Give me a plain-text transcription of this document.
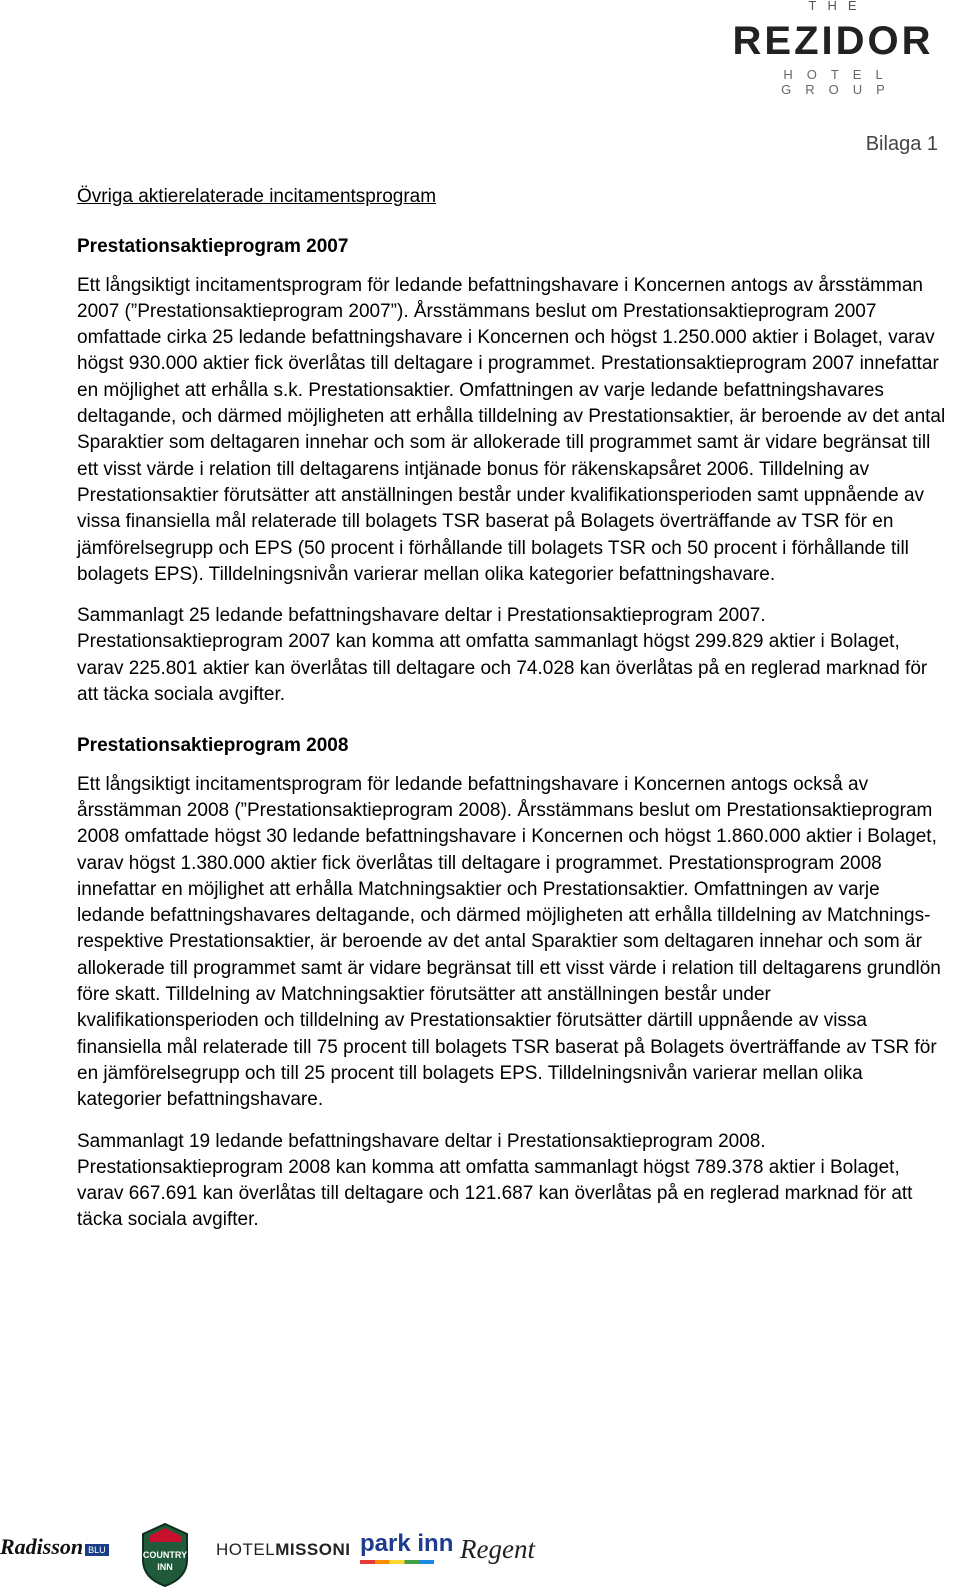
THE
REZIDOR
HOTEL GROUP
Bilaga 1

Övriga aktierelaterade incitamentsprogram

Prestationsaktieprogram 2007

Ett långsiktigt incitamentsprogram för ledande befattningshavare i Koncernen antogs av årsstämman 2007 (”Prestationsaktieprogram 2007”). Årsstämmans beslut om Prestationsaktieprogram 2007 omfattade cirka 25 ledande befattningshavare i Koncernen och högst 1.250.000 aktier i Bolaget, varav högst 930.000 aktier fick överlåtas till deltagare i programmet. Prestationsaktieprogram 2007 innefattar en möjlighet att erhålla s.k. Prestationsaktier. Omfattningen av varje ledande befattningshavares deltagande, och därmed möjligheten att erhålla tilldelning av Prestationsaktier, är beroende av det antal Sparaktier som deltagaren innehar och som är allokerade till programmet samt är vidare begränsat till ett visst värde i relation till deltagarens intjänade bonus för räkenskapsåret 2006. Tilldelning av Prestationsaktier förutsätter att anställningen består under kvalifikationsperioden samt uppnående av vissa finansiella mål relaterade till bolagets TSR baserat på Bolagets överträffande av TSR för en jämförelsegrupp och EPS (50 procent i förhållande till bolagets TSR och 50 procent i förhållande till bolagets EPS). Tilldelningsnivån varierar mellan olika kategorier befattningshavare.

Sammanlagt 25 ledande befattningshavare deltar i Prestationsaktieprogram 2007. Prestationsaktieprogram 2007 kan komma att omfatta sammanlagt högst 299.829 aktier i Bolaget, varav 225.801 aktier kan överlåtas till deltagare och 74.028 kan överlåtas på en reglerad marknad för att täcka sociala avgifter.

Prestationsaktieprogram 2008

Ett långsiktigt incitamentsprogram för ledande befattningshavare i Koncernen antogs också av årsstämman 2008 (”Prestationsaktieprogram 2008). Årsstämmans beslut om Prestationsaktieprogram 2008 omfattade högst 30 ledande befattningshavare i Koncernen och högst 1.860.000 aktier i Bolaget, varav högst 1.380.000 aktier fick överlåtas till deltagare i programmet. Prestationsprogram 2008 innefattar en möjlighet att erhålla Matchningsaktier och Prestationsaktier. Omfattningen av varje ledande befattningshavares deltagande, och därmed möjligheten att erhålla tilldelning av Matchnings- respektive Prestationsaktier, är beroende av det antal Sparaktier som deltagaren innehar och som är allokerade till programmet samt är vidare begränsat till ett visst värde i relation till deltagarens grundlön före skatt. Tilldelning av Matchningsaktier förutsätter att anställningen består under kvalifikationsperioden och tilldelning av Prestationsaktier förutsätter därtill uppnående av vissa finansiella mål relaterade till 75 procent till bolagets TSR baserat på Bolagets överträffande av TSR för en jämförelsegrupp och till 25 procent till bolagets EPS. Tilldelningsnivån varierar mellan olika kategorier befattningshavare.

Sammanlagt 19 ledande befattningshavare deltar i Prestationsaktieprogram 2008. Prestationsaktieprogram 2008 kan komma att omfatta sammanlagt högst 789.378 aktier i Bolaget, varav 667.691 kan överlåtas till deltagare och 121.687 kan överlåtas på en reglerad marknad för att täcka sociala avgifter.

Radisson BLU	COUNTRY
INN
HOTELMISSONI park inn Regent
